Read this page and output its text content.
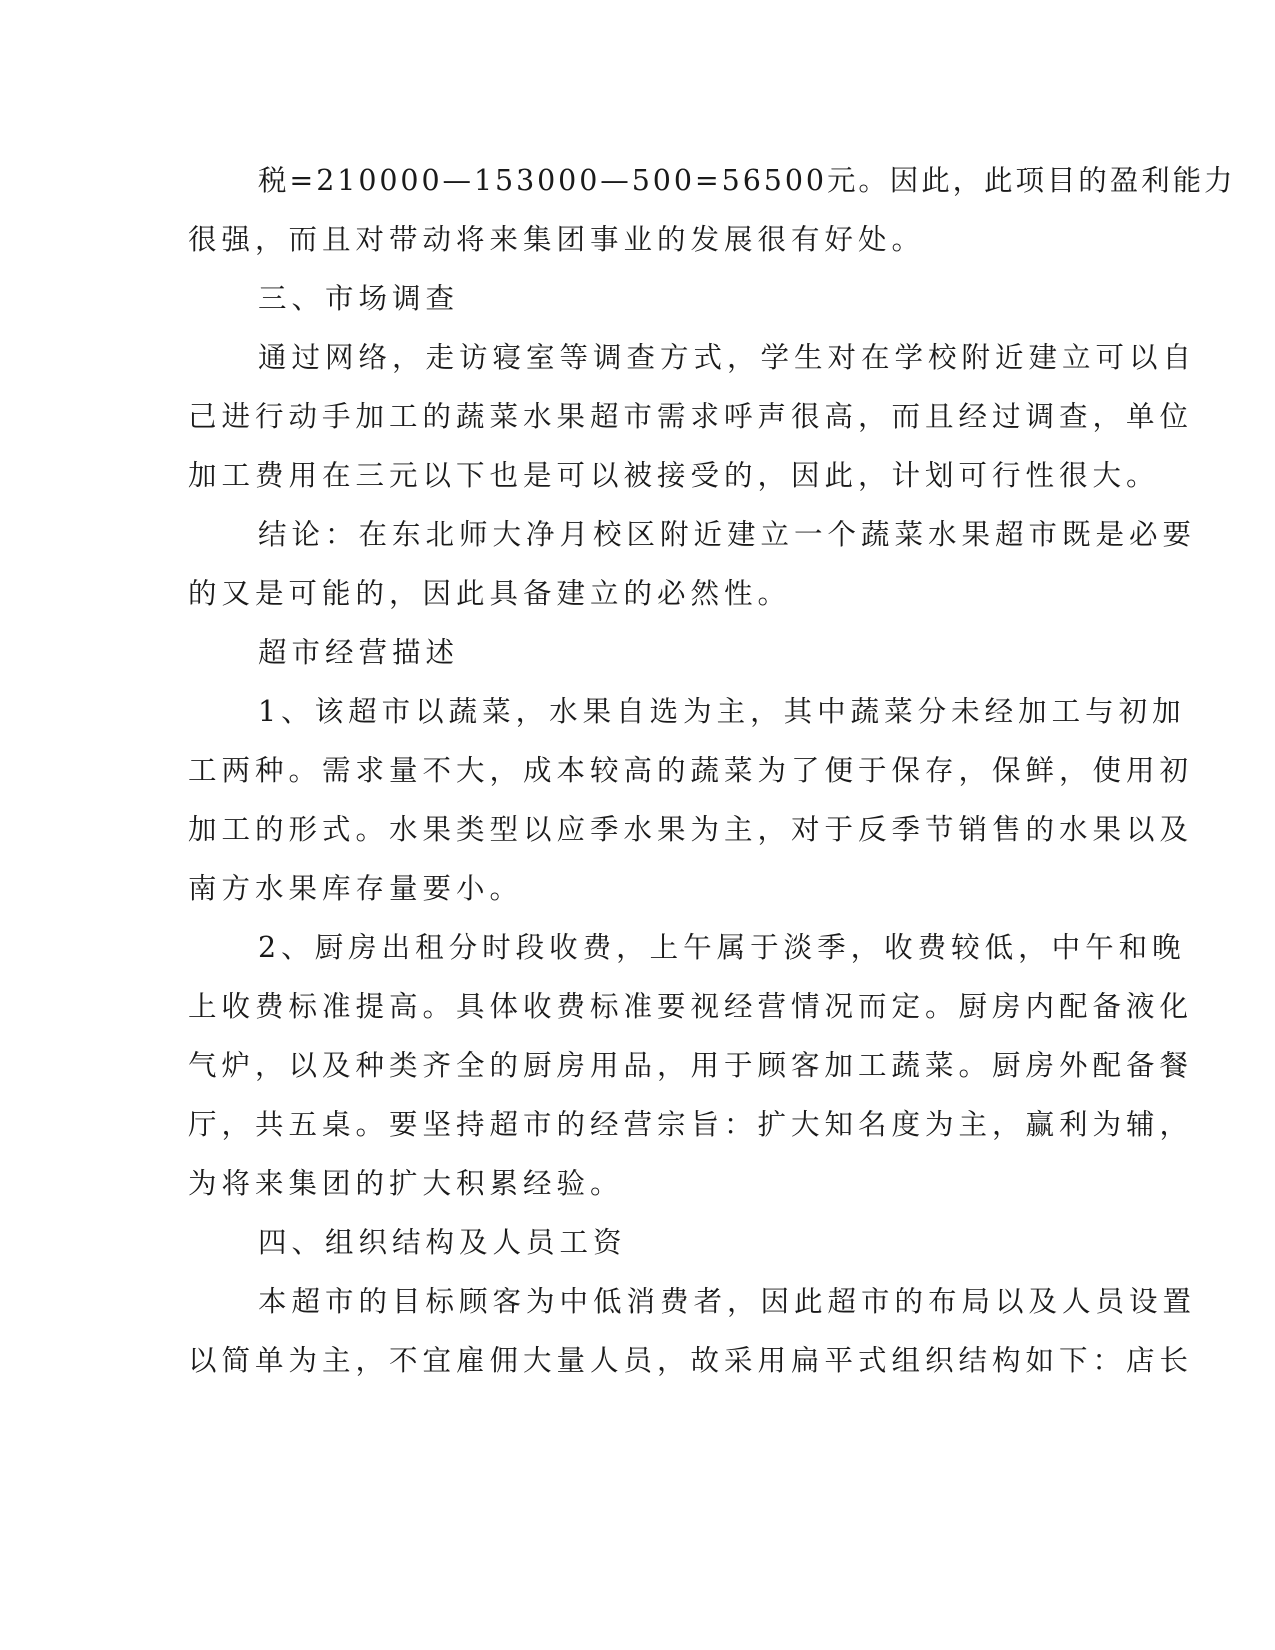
税=210000—153000—500=56500元。因此，此项目的盈利能力
很强，而且对带动将来集团事业的发展很有好处。
三、市场调查
通过网络，走访寝室等调查方式，学生对在学校附近建立可以自
己进行动手加工的蔬菜水果超市需求呼声很高，而且经过调查，单位
加工费用在三元以下也是可以被接受的，因此，计划可行性很大。
结论：在东北师大净月校区附近建立一个蔬菜水果超市既是必要
的又是可能的，因此具备建立的必然性。
超市经营描述
1、该超市以蔬菜，水果自选为主，其中蔬菜分未经加工与初加
工两种。需求量不大，成本较高的蔬菜为了便于保存，保鲜，使用初
加工的形式。水果类型以应季水果为主，对于反季节销售的水果以及
南方水果库存量要小。
2、厨房出租分时段收费，上午属于淡季，收费较低，中午和晚
上收费标准提高。具体收费标准要视经营情况而定。厨房内配备液化
气炉，以及种类齐全的厨房用品，用于顾客加工蔬菜。厨房外配备餐
厅，共五桌。要坚持超市的经营宗旨：扩大知名度为主，赢利为辅，
为将来集团的扩大积累经验。
四、组织结构及人员工资
本超市的目标顾客为中低消费者，因此超市的布局以及人员设置
以简单为主，不宜雇佣大量人员，故采用扁平式组织结构如下：店长
